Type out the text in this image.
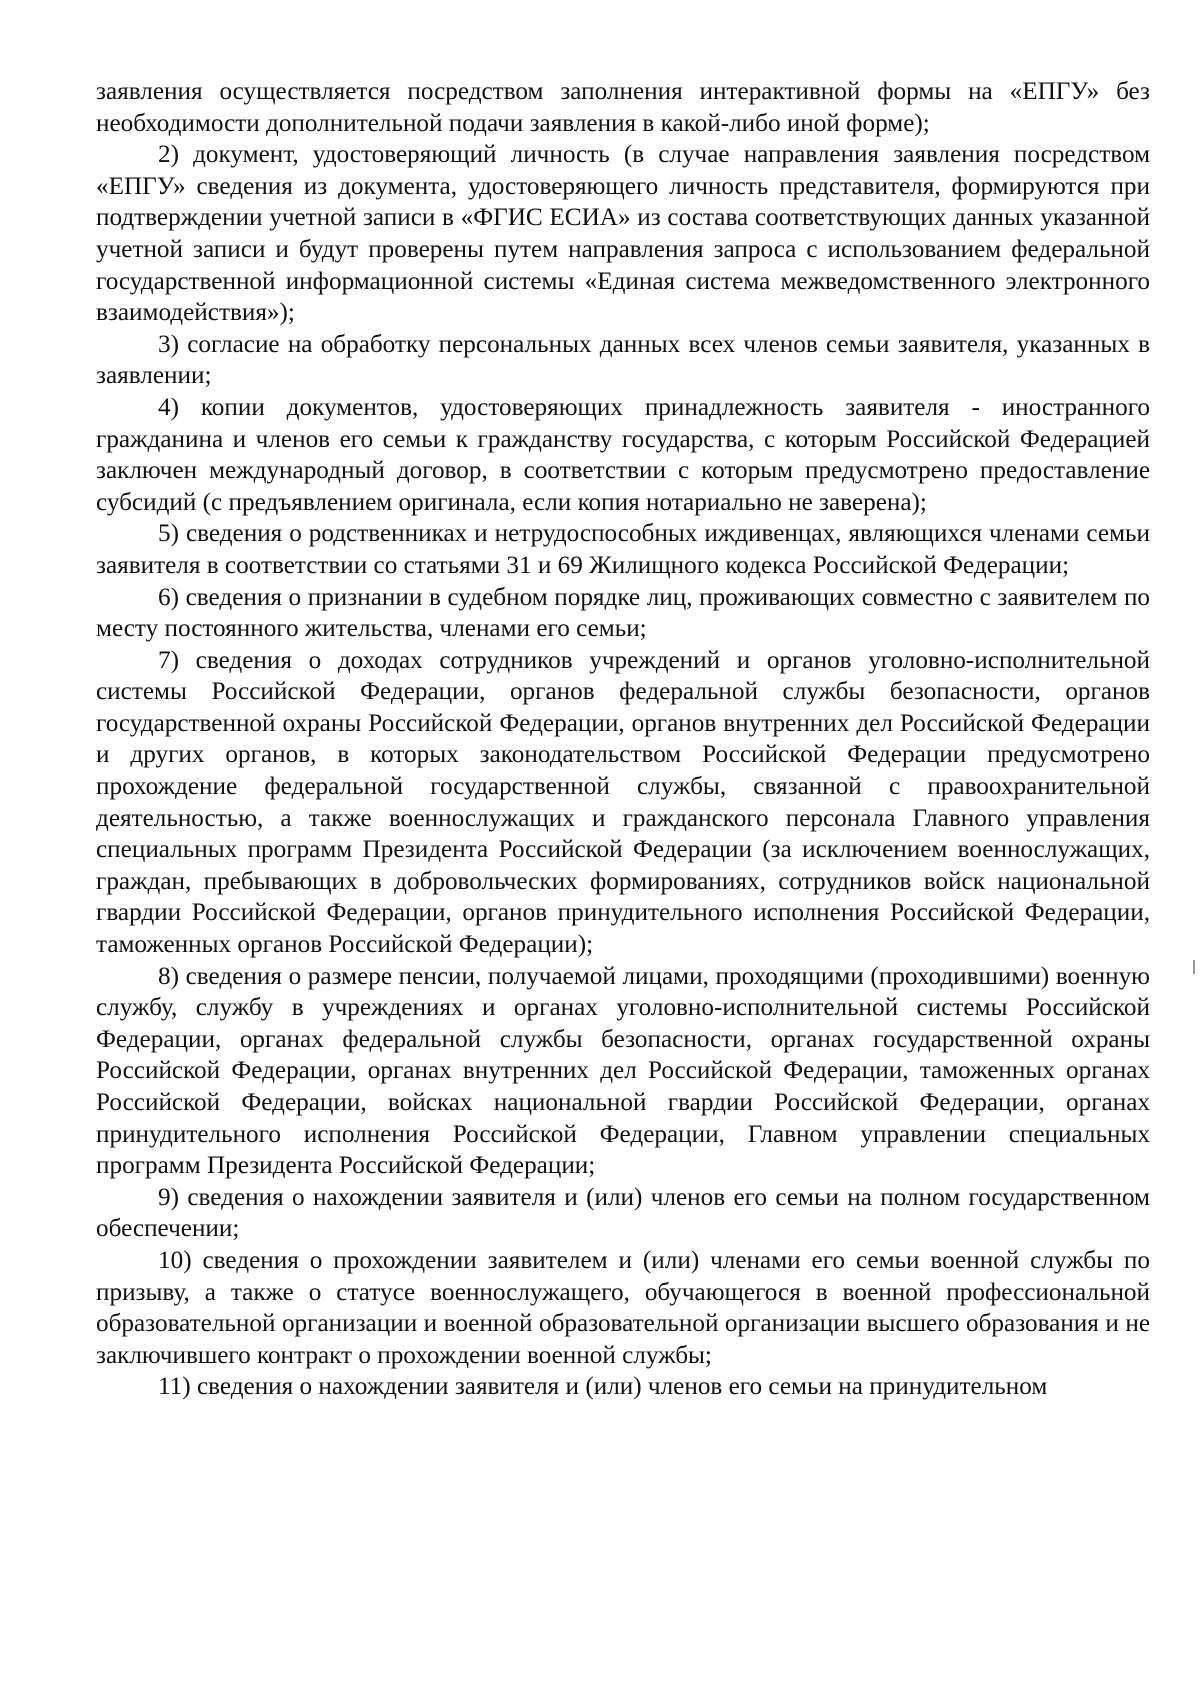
заявления осуществляется посредством заполнения интерактивной формы на «ЕПГУ» без необходимости дополнительной подачи заявления в какой-либо иной форме);

2) документ, удостоверяющий личность (в случае направления заявления посредством «ЕПГУ» сведения из документа, удостоверяющего личность представителя, формируются при подтверждении учетной записи в «ФГИС ЕСИА» из состава соответствующих данных указанной учетной записи и будут проверены путем направления запроса с использованием федеральной государственной информационной системы «Единая система межведомственного электронного взаимодействия»);

3) согласие на обработку персональных данных всех членов семьи заявителя, указанных в заявлении;

4) копии документов, удостоверяющих принадлежность заявителя - иностранного гражданина и членов его семьи к гражданству государства, с которым Российской Федерацией заключен международный договор, в соответствии с которым предусмотрено предоставление субсидий (с предъявлением оригинала, если копия нотариально не заверена);

5) сведения о родственниках и нетрудоспособных иждивенцах, являющихся членами семьи заявителя в соответствии со статьями 31 и 69 Жилищного кодекса Российской Федерации;

6) сведения о признании в судебном порядке лиц, проживающих совместно с заявителем по месту постоянного жительства, членами его семьи;

7) сведения о доходах сотрудников учреждений и органов уголовно-исполнительной системы Российской Федерации, органов федеральной службы безопасности, органов государственной охраны Российской Федерации, органов внутренних дел Российской Федерации и других органов, в которых законодательством Российской Федерации предусмотрено прохождение федеральной государственной службы, связанной с правоохранительной деятельностью, а также военнослужащих и гражданского персонала Главного управления специальных программ Президента Российской Федерации (за исключением военнослужащих, граждан, пребывающих в добровольческих формированиях, сотрудников войск национальной гвардии Российской Федерации, органов принудительного исполнения Российской Федерации, таможенных органов Российской Федерации);

8) сведения о размере пенсии, получаемой лицами, проходящими (проходившими) военную службу, службу в учреждениях и органах уголовно-исполнительной системы Российской Федерации, органах федеральной службы безопасности, органах государственной охраны Российской Федерации, органах внутренних дел Российской Федерации, таможенных органах Российской Федерации, войсках национальной гвардии Российской Федерации, органах принудительного исполнения Российской Федерации, Главном управлении специальных программ Президента Российской Федерации;

9) сведения о нахождении заявителя и (или) членов его семьи на полном государственном обеспечении;

10) сведения о прохождении заявителем и (или) членами его семьи военной службы по призыву, а также о статусе военнослужащего, обучающегося в военной профессиональной образовательной организации и военной образовательной организации высшего образования и не заключившего контракт о прохождении военной службы;

11) сведения о нахождении заявителя и (или) членов его семьи на принудительном
